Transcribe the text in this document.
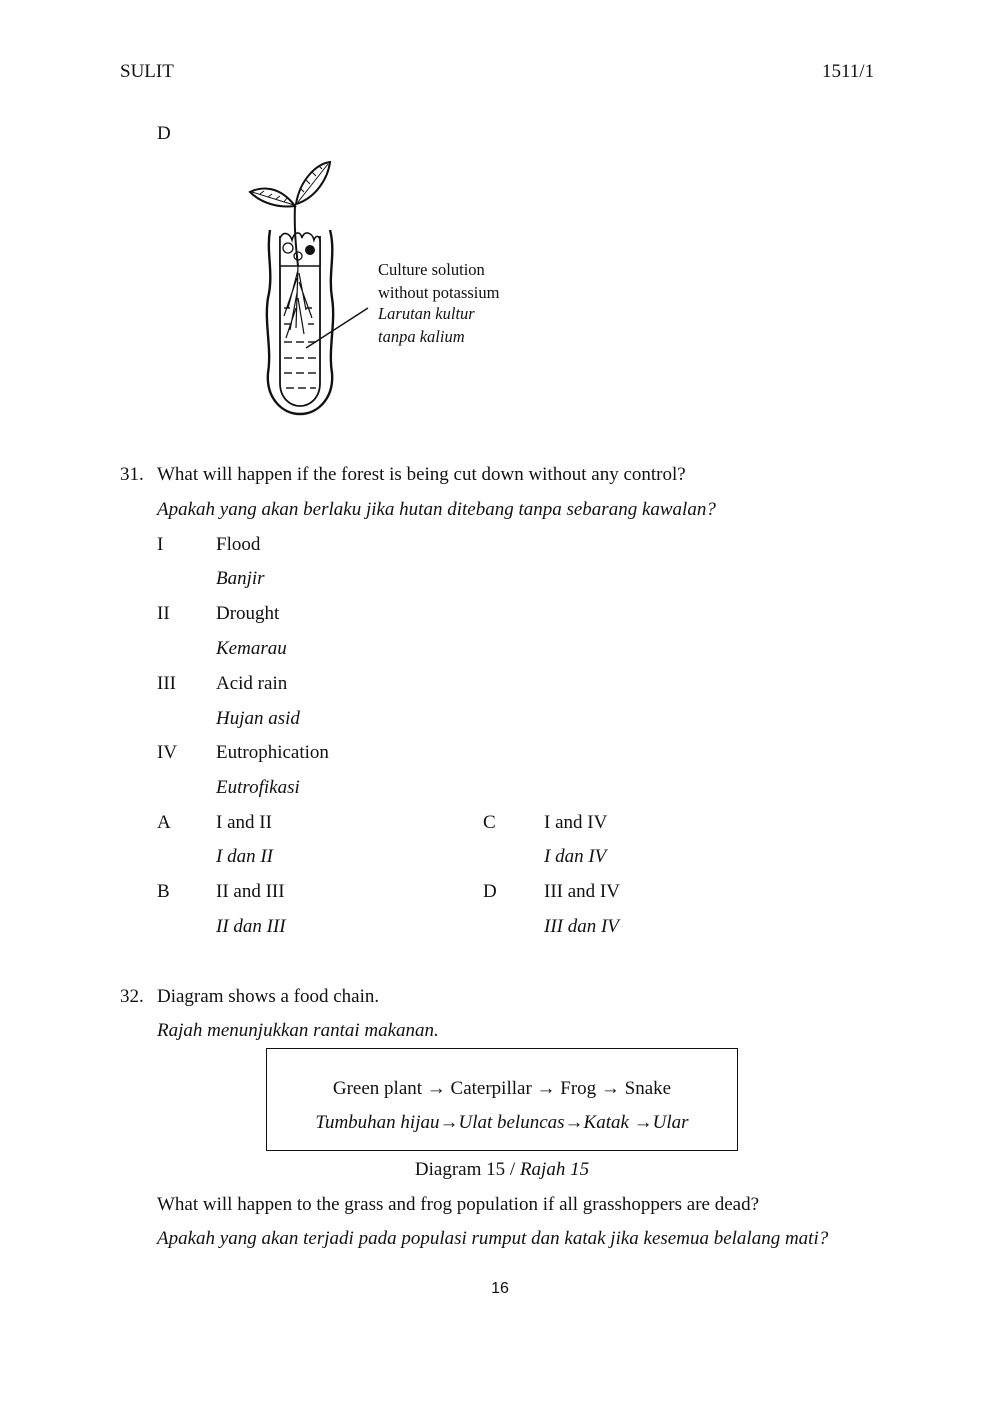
SULIT	1511/1
D
Culture solution
without potassium
Larutan kultur
tanpa kalium
31. What will happen if the forest is being cut down without any control?
Apakah yang akan berlaku jika hutan ditebang tanpa sebarang kawalan?
I	Flood
Banjir
II Drought
Kemarau
III Acid rain
Hujan asid
IV Eutrophication
Eutrofikasi
A I and II
I dan II
B II and III
II dan III
C	I and IV
I dan IV
D III and IV
III dan IV
32. Diagram shows a food chain.
Rajah menunjukkan rantai makanan.
Green plant → Caterpillar → Frog → Snake
Tumbuhan hijau→Ulat beluncas→Katak →Ular
Diagram 15 / Rajah 15
What will happen to the grass and frog population if all grasshoppers are dead?
Apakah yang akan terjadi pada populasi rumput dan katak jika kesemua belalang mati?
16
